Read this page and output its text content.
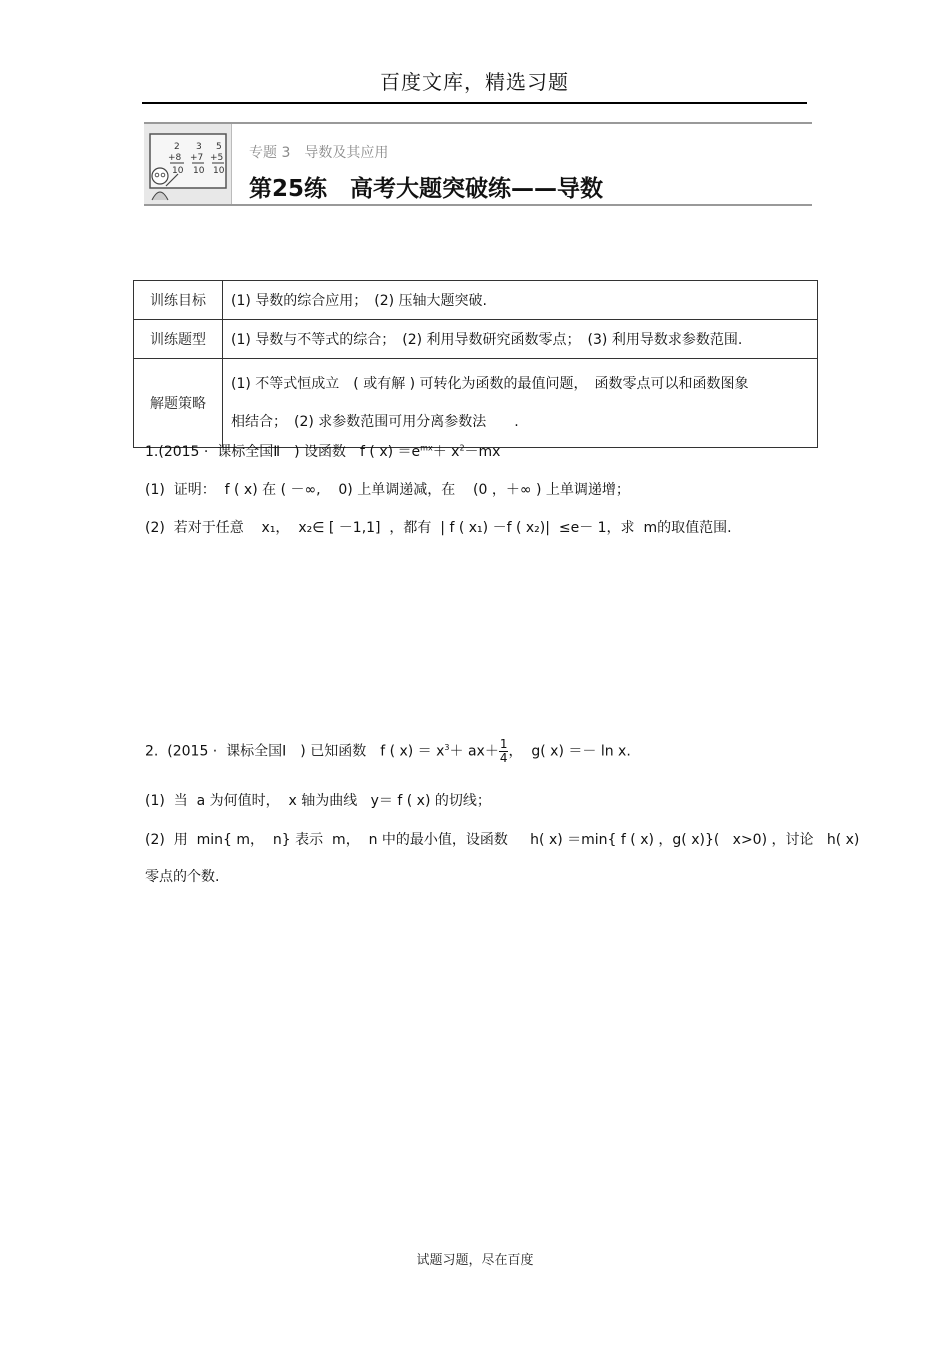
百度文库，精选习题
2 3 5
+8 +7 +5
10 10 10
专题 3　导数及其应用
第25练　高考大题突破练——导数
训练目标	(1) 导数的综合应用；　(2) 压轴大题突破.
训练题型	(1) 导数与不等式的综合；　(2) 利用导数研究函数零点；　(3) 利用导数求参数范围.
解题策略	(1) 不等式恒成立　( 或有解 ) 可转化为函数的最值问题，　函数零点可以和函数图象
相结合；　(2) 求参数范围可用分离参数法　　.
1.(2015 ·  课标全国Ⅱ　) 设函数　f ( $x) =e^{mx}+ x^2-mx$
(1)  证明：  f ( x) 在 ( －∞,    0) 上单调递减，在    (0 ，＋∞ ) 上单调递增；
(2)  若对于任意    x₁，  x₂∈ [ －1,1]  ，都有  | f ( x₁) －f ( x₂)|  ≤e－ 1，求  m的取值范围.
2.  (2015 ·  课标全国Ⅰ　) 已知函数　f ( $x) = x^3+ ax+ \frac{1}{4}$ ，  g( x) ＝－ ln x.
(1)  当  a 为何值时，  x 轴为曲线   y＝ f ( x) 的切线；
(2)  用  min{ m，  n} 表示  m，  n 中的最小值，设函数     h( x) ＝min{ f ( x) ，g( x)}(   x>0) ，讨论   h( x)
零点的个数.
试题习题，尽在百度
